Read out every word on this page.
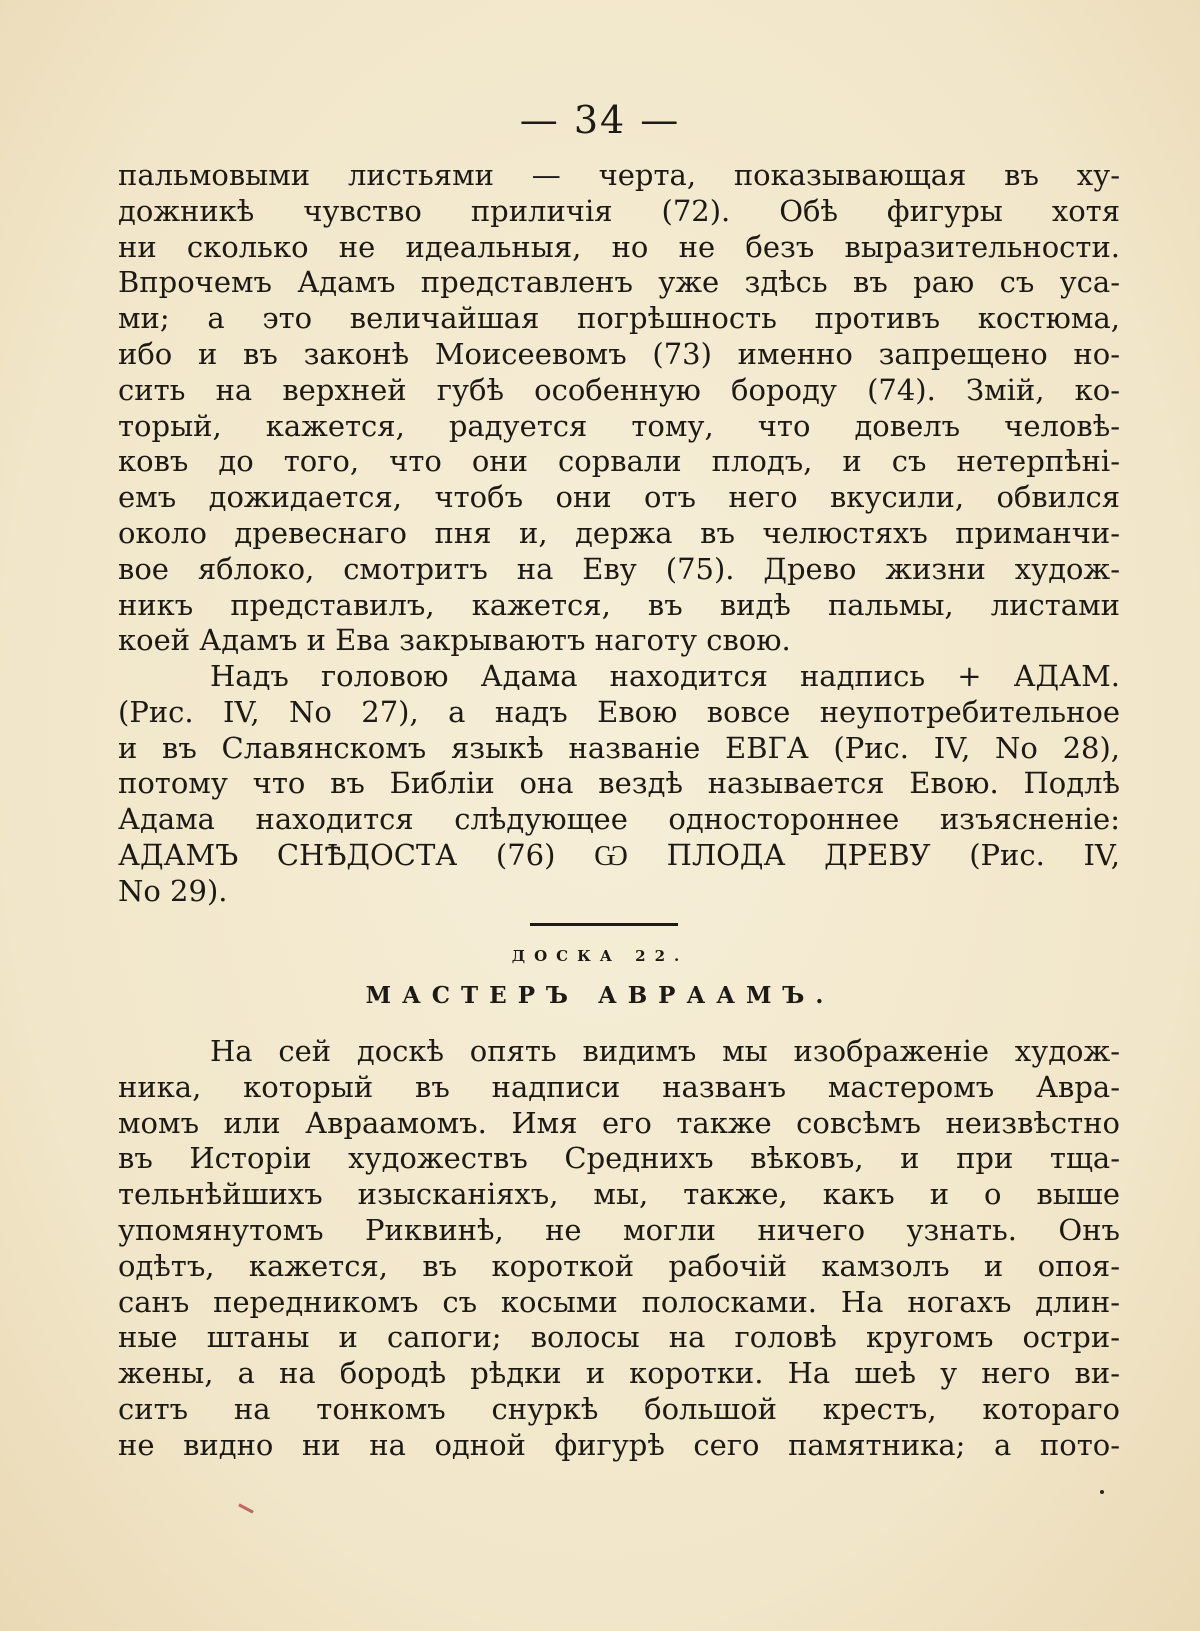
— 34 —
пальмовыми листьями — черта, показывающая въ ху-
дожникѣ чувство приличія (72). Обѣ фигуры хотя
ни сколько не идеальныя, но не безъ выразительности.
Впрочемъ Адамъ представленъ уже здѣсь въ раю съ уса-
ми; а это величайшая погрѣшность противъ костюма,
ибо и въ законѣ Моисеевомъ (73) именно запрещено но-
сить на верхней губѣ особенную бороду (74). Змій, ко-
торый, кажется, радуется тому, что довелъ человѣ-
ковъ до того, что они сорвали плодъ, и съ нетерпѣні-
емъ дожидается, чтобъ они отъ него вкусили, обвился
около древеснаго пня и, держа въ челюстяхъ приманчи-
вое яблоко, смотритъ на Еву (75). Древо жизни худож-
никъ представилъ, кажется, въ видѣ пальмы, листами
коей Адамъ и Ева закрываютъ наготу свою.
Надъ головою Адама находится надпись + АДАМ.
(Рис. IV, No 27), а надъ Евою вовсе неупотребительное
и въ Славянскомъ языкѣ названіе ЕВГА (Рис. IV, No 28),
потому что въ Библіи она вездѣ называется Евою. Подлѣ
Адама находится слѣдующее одностороннее изъясненіе:
АДАМЪ СНѢДОСТА (76) Ѡ ПЛОДА ДРЕВУ (Рис. IV,
No 29).
ДОСКА 22.
МАСТЕРЪ АВРААМЪ.
На сей доскѣ опять видимъ мы изображеніе худож-
ника, который въ надписи названъ мастеромъ Авра-
момъ или Авраамомъ. Имя его также совсѣмъ неизвѣстно
въ Исторіи художествъ Среднихъ вѣковъ, и при тща-
тельнѣйшихъ изысканіяхъ, мы, также, какъ и о выше
упомянутомъ Риквинѣ, не могли ничего узнать. Онъ
одѣтъ, кажется, въ короткой рабочій камзолъ и опоя-
санъ передникомъ съ косыми полосками. На ногахъ длин-
ные штаны и сапоги; волосы на головѣ кругомъ остри-
жены, а на бородѣ рѣдки и коротки. На шеѣ у него ви-
ситъ на тонкомъ снуркѣ большой крестъ, котораго
не видно ни на одной фигурѣ сего памятника; а пото-
